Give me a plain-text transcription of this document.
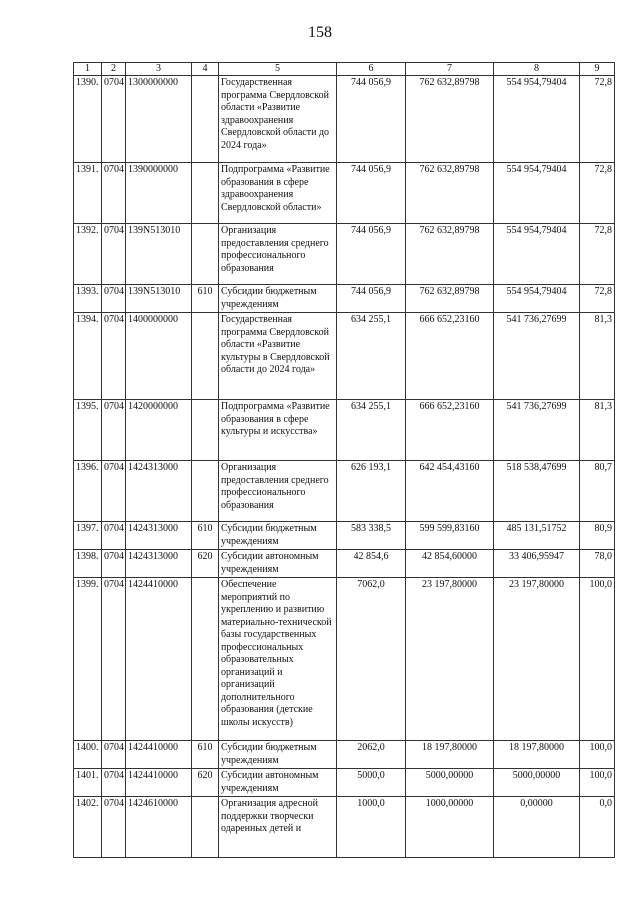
158
1	2	3	4	5	6	7	8	9
1390.	0704	1300000000		Государственная программа Свердловской области «Развитие здравоохранения Свердловской области до 2024 года»	744 056,9	762 632,89798	554 954,79404	72,8
1391.	0704	1390000000		Подпрограмма «Развитие образования в сфере здравоохранения Свердловской области»	744 056,9	762 632,89798	554 954,79404	72,8
1392.	0704	139N513010		Организация предоставления среднего профессионального образования	744 056,9	762 632,89798	554 954,79404	72,8
1393.	0704	139N513010	610	Субсидии бюджетным учреждениям	744 056,9	762 632,89798	554 954,79404	72,8
1394.	0704	1400000000		Государственная программа Свердловской области «Развитие культуры в Свердловской области до 2024 года»	634 255,1	666 652,23160	541 736,27699	81,3
1395.	0704	1420000000		Подпрограмма «Развитие образования в сфере культуры и искусства»	634 255,1	666 652,23160	541 736,27699	81,3
1396.	0704	1424313000		Организация предоставления среднего профессионального образования	626 193,1	642 454,43160	518 538,47699	80,7
1397.	0704	1424313000	610	Субсидии бюджетным учреждениям	583 338,5	599 599,83160	485 131,51752	80,9
1398.	0704	1424313000	620	Субсидии автономным учреждениям	42 854,6	42 854,60000	33 406,95947	78,0
1399.	0704	1424410000		Обеспечение мероприятий по укреплению и развитию материально-технической базы государственных профессиональных образовательных организаций и организаций дополнительного образования (детские школы искусств)	7062,0	23 197,80000	23 197,80000	100,0
1400.	0704	1424410000	610	Субсидии бюджетным учреждениям	2062,0	18 197,80000	18 197,80000	100,0
1401.	0704	1424410000	620	Субсидии автономным учреждениям	5000,0	5000,00000	5000,00000	100,0
1402.	0704	1424610000		Организация адресной поддержки творчески одаренных детей и	1000,0	1000,00000	0,00000	0,0
